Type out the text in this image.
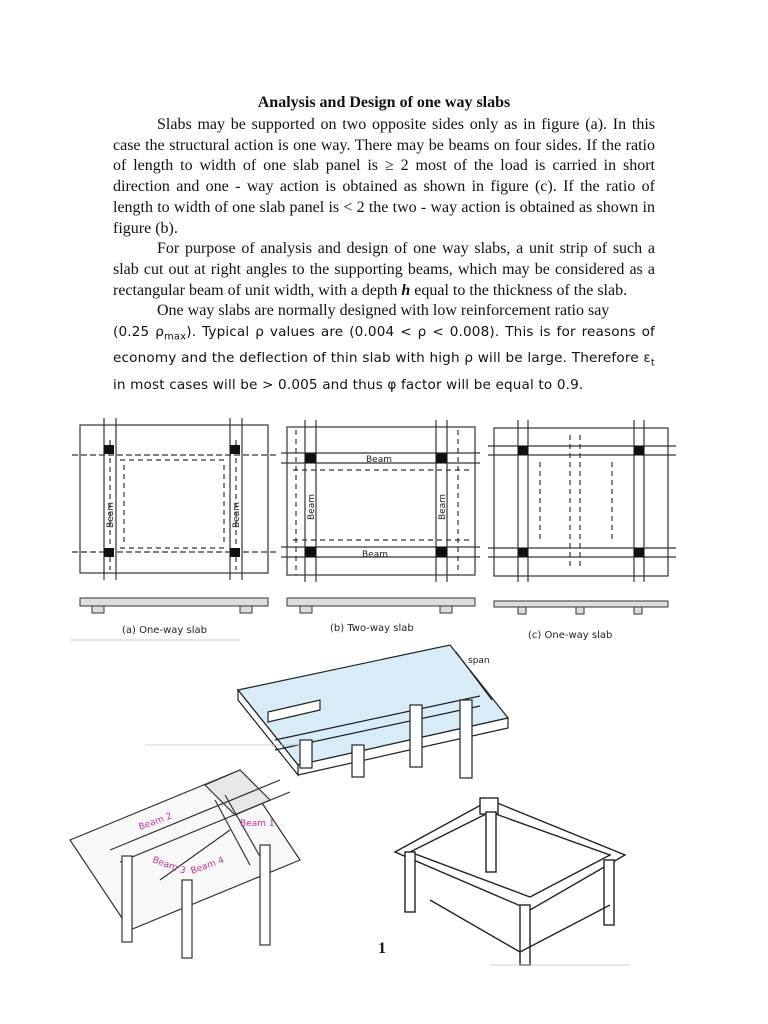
Analysis and Design of one way slabs

Slabs may be supported on two opposite sides only as in figure (a). In this case the structural action is one way. There may be beams on four sides. If the ratio of length to width of one slab panel is ≥ 2 most of the load is carried in short direction and one - way action is obtained as shown in figure (c). If the ratio of length to width of one slab panel is < 2 the two - way action is obtained as shown in figure (b).

For purpose of analysis and design of one way slabs, a unit strip of such a slab cut out at right angles to the supporting beams, which may be considered as a rectangular beam of unit width, with a depth h equal to the thickness of the slab.

One way slabs are normally designed with low reinforcement ratio say

(0.25 $\rho_{max}$). Typical ρ values are (0.004 < ρ < 0.008). This is for reasons of economy and the deflection of thin slab with high ρ will be large. Therefore $\varepsilon_t$ in most cases will be > 0.005 and thus φ factor will be equal to 0.9.

Beam	Beam
(a) One-way slab
Beam
Beam
Beam	Beam
(b) Two-way slab
(c) One-way slab
span
Beam 2	Beam 1
Beam 3 Beam 4
1
